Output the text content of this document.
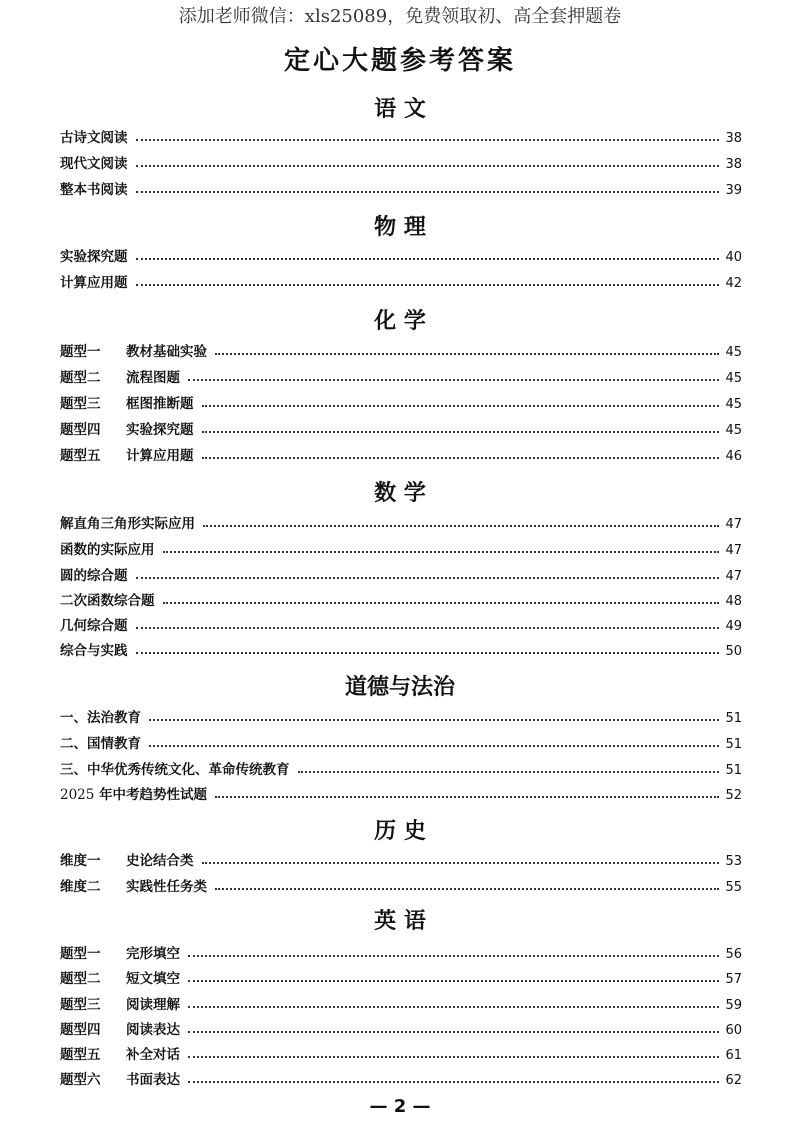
添加老师微信：xls25089，免费领取初、高全套押题卷
定心大题参考答案
语 文
古诗文阅读	38
现代文阅读	38
整本书阅读	39
物 理
实验探究题	40
计算应用题	42
化 学
题型一 教材基础实验	45
题型二 流程图题	45
题型三 框图推断题	45
题型四 实验探究题	45
题型五 计算应用题	46
数 学
解直角三角形实际应用	47
函数的实际应用	47
圆的综合题	47
二次函数综合题	48
几何综合题	49
综合与实践	50
道德与法治
一、法治教育	51
二、国情教育	51
三、中华优秀传统文化、革命传统教育	51
2025 年中考趋势性试题	52
历 史
维度一 史论结合类	53
维度二 实践性任务类	55
英 语
题型一 完形填空	56
题型二 短文填空	57
题型三 阅读理解	59
题型四 阅读表达	60
题型五 补全对话	61
题型六 书面表达	62
— 2 —
